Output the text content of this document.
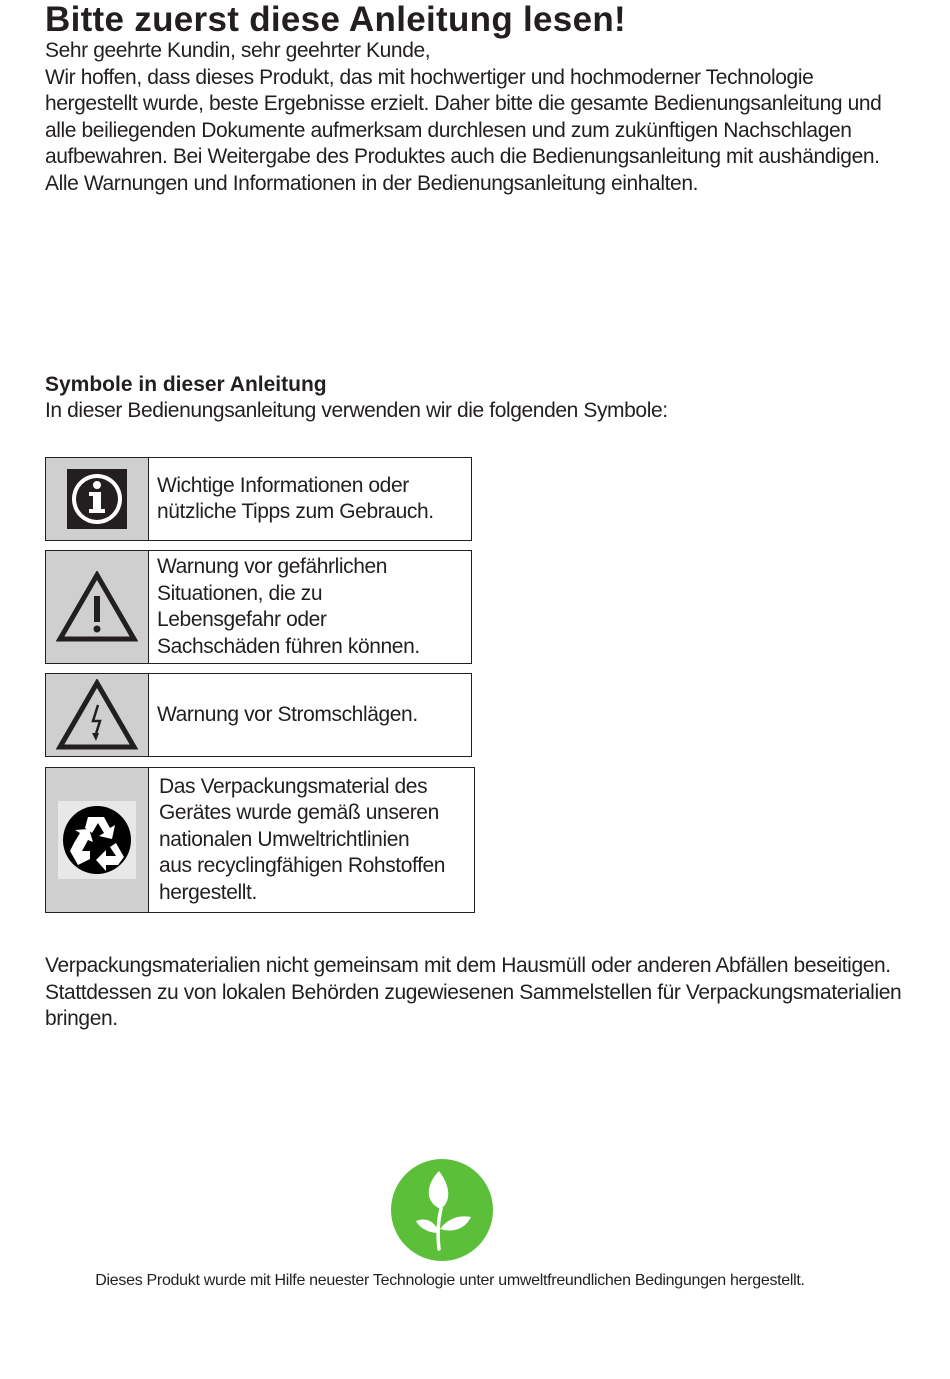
Bitte zuerst diese Anleitung lesen!

Sehr geehrte Kundin, sehr geehrter Kunde,

Wir hoffen, dass dieses Produkt, das mit hochwertiger und hochmoderner Technologie hergestellt wurde, beste Ergebnisse erzielt. Daher bitte die gesamte Bedienungsanleitung und alle beiliegenden Dokumente aufmerksam durchlesen und zum zukünftigen Nachschlagen aufbewahren. Bei Weitergabe des Produktes auch die Bedienungsanleitung mit aushändigen. Alle Warnungen und Informationen in der Bedienungsanleitung einhalten.

Symbole in dieser Anleitung
In dieser Bedienungsanleitung verwenden wir die folgenden Symbole:
Wichtige Informationen oder
nützliche Tipps zum Gebrauch.
Warnung vor gefährlichen
Situationen, die zu
Lebensgefahr oder
Sachschäden führen können.
Warnung vor Stromschlägen.
Das Verpackungsmaterial des
Gerätes wurde gemäß unseren
nationalen Umweltrichtlinien
aus recyclingfähigen Rohstoffen
hergestellt.
Verpackungsmaterialien nicht gemeinsam mit dem Hausmüll oder anderen Abfällen beseitigen. Stattdessen zu von lokalen Behörden zugewiesenen Sammelstellen für Verpackungsmaterialien bringen.
Dieses Produkt wurde mit Hilfe neuester Technologie unter umweltfreundlichen Bedingungen hergestellt.
